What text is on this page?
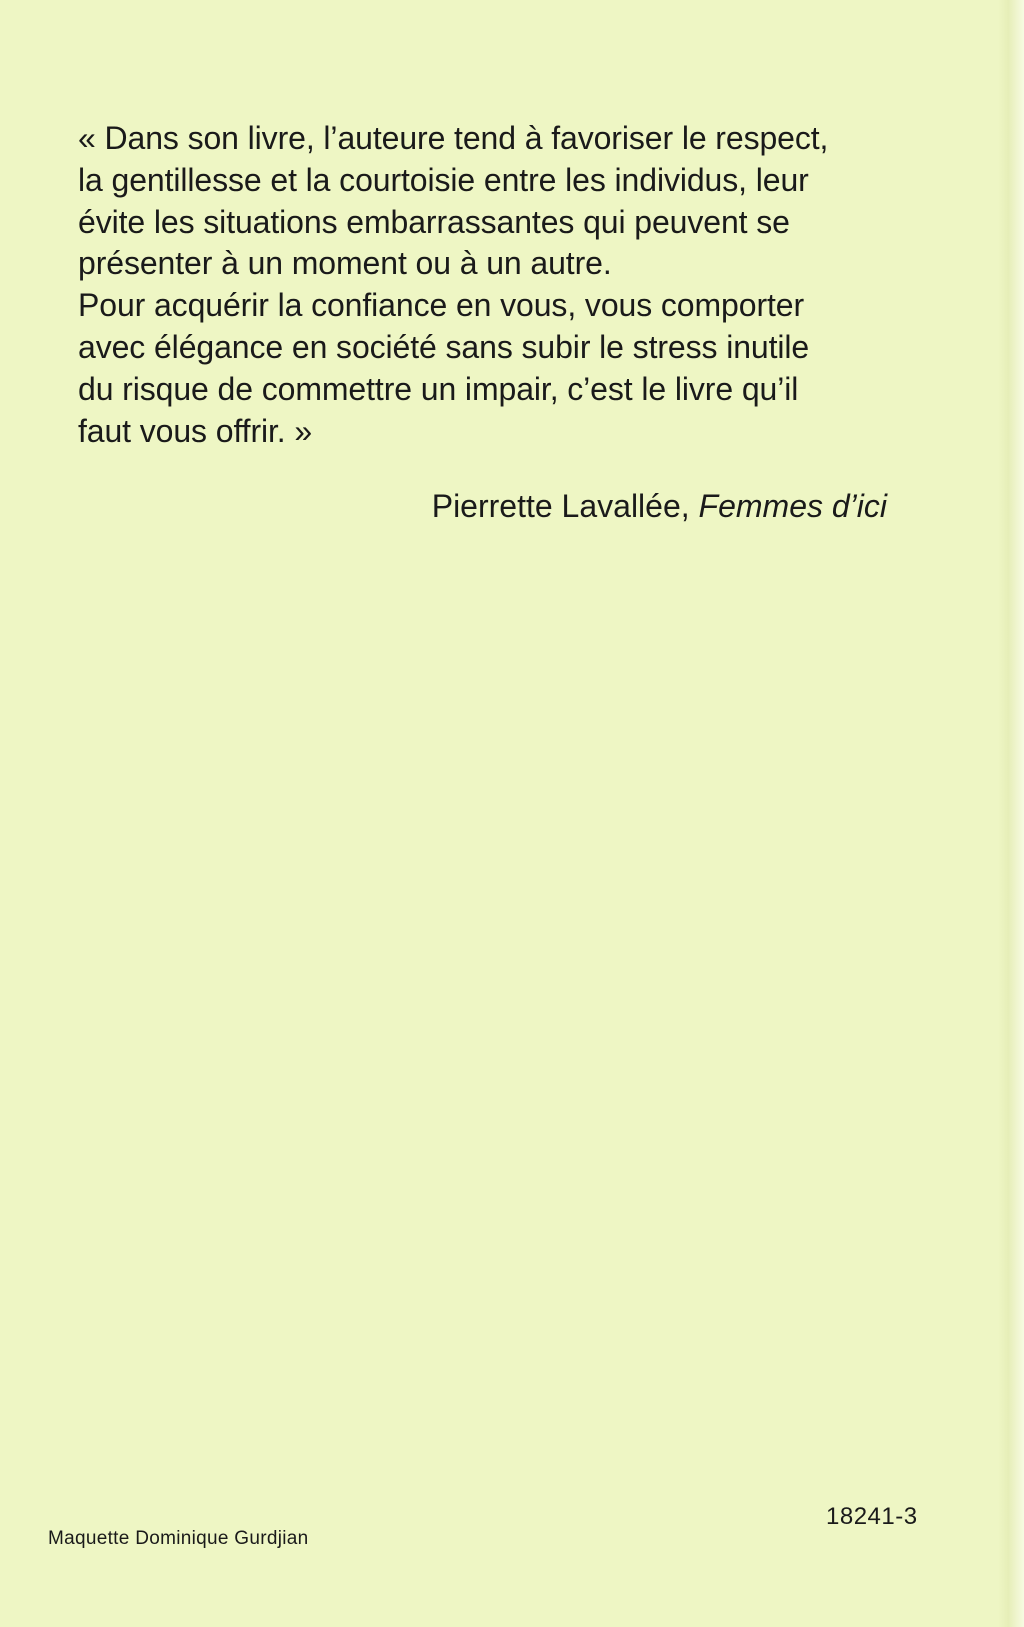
« Dans son livre, l’auteure tend à favoriser le respect,
la gentillesse et la courtoisie entre les individus, leur
évite les situations embarrassantes qui peuvent se
présenter à un moment ou à un autre.
Pour acquérir la confiance en vous, vous comporter
avec élégance en société sans subir le stress inutile
du risque de commettre un impair, c’est le livre qu’il
faut vous offrir. »
Pierrette Lavallée, Femmes d’ici
Maquette Dominique Gurdjian
18241-3
